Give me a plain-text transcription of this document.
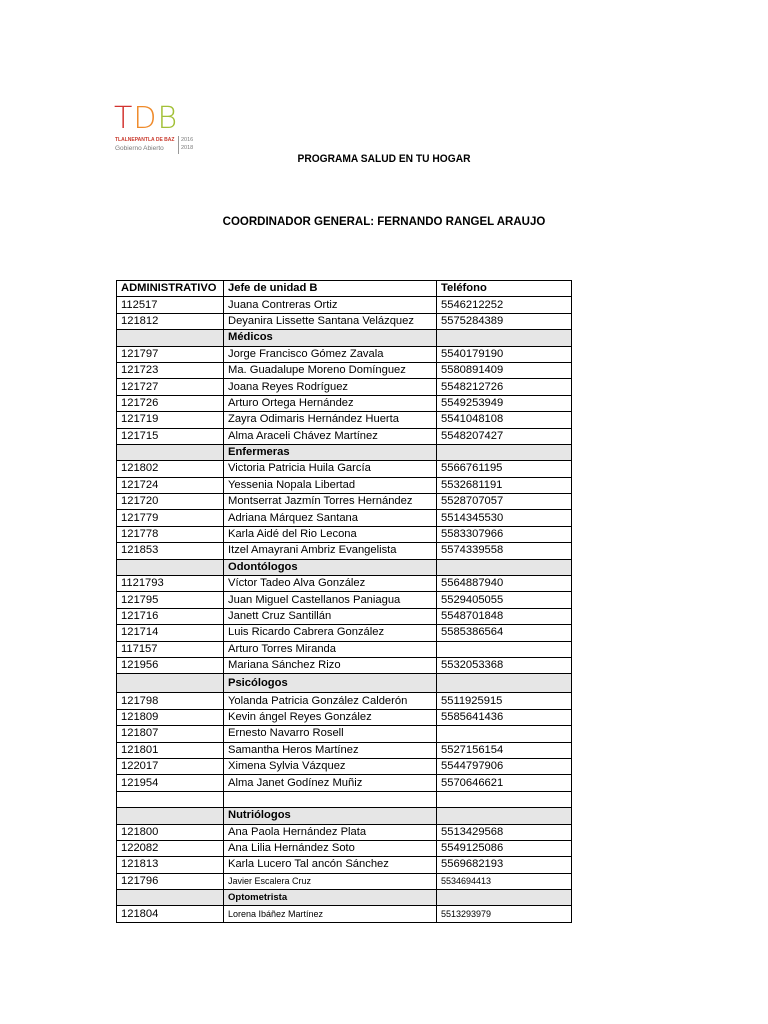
TDB
TLALNEPANTLA DE BAZ
Gobierno Abierto
2016
2018
PROGRAMA SALUD EN TU HOGAR
COORDINADOR GENERAL: FERNANDO RANGEL ARAUJO
ADMINISTRATIVO	Jefe de unidad B	Teléfono
112517	Juana Contreras Ortiz	5546212252
121812	Deyanira Lissette Santana Velázquez	5575284389
	Médicos	
121797	Jorge Francisco Gómez Zavala	5540179190
121723	Ma. Guadalupe Moreno Domínguez	5580891409
121727	Joana Reyes Rodríguez	5548212726
121726	Arturo Ortega Hernández	5549253949
121719	Zayra Odimaris Hernández Huerta	5541048108
121715	Alma Araceli Chávez Martínez	5548207427
	Enfermeras	
121802	Victoria Patricia Huila García	5566761195
121724	Yessenia Nopala Libertad	5532681191
121720	Montserrat Jazmín Torres Hernández	5528707057
121779	Adriana Márquez Santana	5514345530
121778	Karla Aidé del Rio Lecona	5583307966
121853	Itzel Amayrani Ambriz Evangelista	5574339558
	Odontólogos	
1121793	Víctor Tadeo Alva González	5564887940
121795	Juan Miguel Castellanos Paniagua	5529405055
121716	Janett Cruz Santillán	5548701848
121714	Luis Ricardo Cabrera González	5585386564
117157	Arturo Torres Miranda	
121956	Mariana Sánchez Rizo	5532053368
	Psicólogos	
121798	Yolanda Patricia González Calderón	5511925915
121809	Kevin ángel Reyes González	5585641436
121807	Ernesto Navarro Rosell	
121801	Samantha Heros Martínez	5527156154
122017	Ximena Sylvia Vázquez	5544797906
121954	Alma Janet Godínez Muñiz	5570646621

	Nutriólogos	
121800	Ana Paola Hernández Plata	5513429568
122082	Ana Lilia Hernández Soto	5549125086
121813	Karla Lucero Tal ancón Sánchez	5569682193
121796	Javier Escalera Cruz	5534694413
	Optometrista	
121804	Lorena Ibáñez Martínez	5513293979
